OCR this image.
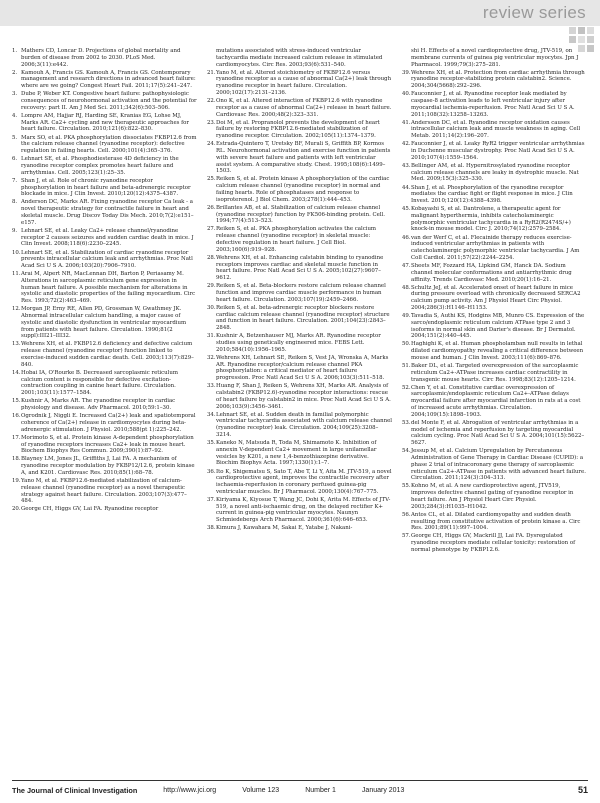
review series
1. Mathers CD, Loncar D. Projections of global mortality and burden of disease from 2002 to 2030. PLoS Med. 2006;3(11):e442.
2. Kamouh A, Francis GS. Kamouh A, Francis GS. Contemporary management and research directions in advanced heart failure: where are we going? Congest Heart Fail. 2011;17(5):241–247.
3. Dube P, Weber KT. Congestive heart failure: pathophysiologic consequences of neurohormonal activation and the potential for recovery: part II. Am J Med Sci. 2011;342(6):503–506.
4. Lompre AM, Hajjar RJ, Harding SE, Kranias EG, Lohse MJ, Marks AR. Ca2+ cycling and new therapeutic approaches for heart failure. Circulation. 2010;121(6):822–830.
5. Marx SO, et al. PKA phosphorylation dissociates FKBP12.6 from the calcium release channel (ryanodine receptor): defective regulation in failing hearts. Cell. 2000;101(4):365–376.
6. Lehnart SE, et al. Phosphodiesterase 4D deficiency in the ryanodine receptor complex promotes heart failure and arrhythmias. Cell. 2005;123(1):25–35.
7. Shan J, et al. Role of chronic ryanodine receptor phosphorylation in heart failure and beta-adrenergic receptor blockade in mice. J Clin Invest. 2010;120(12):4375–4387.
8. Anderson DC, Marks AR. Fixing ryanodine receptor Ca leak - a novel therapeutic strategy for contractile failure in heart and skeletal muscle. Drug Discov Today Dis Mech. 2010;7(2):e151–e157.
9. Lehnart SE, et al. Leaky Ca2+ release channel/ryanodine receptor 2 causes seizures and sudden cardiac death in mice. J Clin Invest. 2008;118(6):2230–2245.
10. Lehnart SE, et al. Stabilization of cardiac ryanodine receptor prevents intracellular calcium leak and arrhythmias. Proc Natl Acad Sci U S A. 2006;103(20):7906–7910.
11. Arai M, Alpert NR, MacLennan DH, Barton P, Periasamy M. Alterations in sarcoplasmic reticulum gene expression in human heart failure. A possible mechanism for alterations in systolic and diastolic properties of the failing myocardium. Circ Res. 1993;72(2):463–469.
12. Morgan JP, Erny RE, Allen PD, Grossman W, Gwathmey JK. Abnormal intracellular calcium handling, a major cause of systolic and diastolic dysfunction in ventricular myocardium from patients with heart failure. Circulation. 1990;81(2 suppl):III21–III32.
13. Wehrens XH, et al. FKBP12.6 deficiency and defective calcium release channel (ryanodine receptor) function linked to exercise-induced sudden cardiac death. Cell. 2003;113(7):829–840.
14. Hobai IA, O'Rourke B. Decreased sarcoplasmic reticulum calcium content is responsible for defective excitation-contraction coupling in canine heart failure. Circulation. 2001;103(11):1577–1584.
15. Kushnir A, Marks AR. The ryanodine receptor in cardiac physiology and disease. Adv Pharmacol. 2010;59:1–30.
16. Ogrodnik J, Niggli E. Increased Ca(2+) leak and spatiotemporal coherence of Ca(2+) release in cardiomyocytes during beta-adrenergic stimulation. J Physiol. 2010;588(pt 1):225–242.
17. Morimoto S, et al. Protein kinase A-dependent phosphorylation of ryanodine receptors increases Ca2+ leak in mouse heart. Biochem Biophys Res Commun. 2009;390(1):87–92.
18. Blayney LM, Jones JL, Griffiths J, Lai FA. A mechanism of ryanodine receptor modulation by FKBP12/12.6, protein kinase A, and K201. Cardiovasc Res. 2010;85(1):68–78.
19. Yano M, et al. FKBP12.6-mediated stabilization of calcium-release channel (ryanodine receptor) as a novel therapeutic strategy against heart failure. Circulation. 2003;107(3):477–484.
20. George CH, Higgs GV, Lai FA. Ryanodine receptor
mutations associated with stress-induced ventricular tachycardia mediate increased calcium release in stimulated cardiomyocytes. Circ Res. 2003;93(6):531–540.
21. Yano M, et al. Altered stoichiometry of FKBP12.6 versus ryanodine receptor as a cause of abnormal Ca(2+) leak through ryanodine receptor in heart failure. Circulation. 2000;102(17):2131–2136.
22. Ono K, et al. Altered interaction of FKBP12.6 with ryanodine receptor as a cause of abnormal Ca(2+) release in heart failure. Cardiovasc Res. 2000;48(2):323–331.
23. Doi M, et al. Propranolol prevents the development of heart failure by restoring FKBP12.6-mediated stabilization of ryanodine receptor. Circulation. 2002;105(11):1374–1379.
24. Estrada-Quintero T, Uretsky BF, Murali S, Griffith BP, Kormos RL. Neurohormonal activation and exercise function in patients with severe heart failure and patients with left ventricular assist system. A comparative study. Chest. 1995;108(6):1499–1503.
25. Reiken S, et al. Protein kinase A phosphorylation of the cardiac calcium release channel (ryanodine receptor) in normal and failing hearts. Role of phosphatases and response to isoproterenol. J Biol Chem. 2003;278(1):444–453.
26. Brillantes AB, et al. Stabilization of calcium release channel (ryanodine receptor) function by FK506-binding protein. Cell. 1994;77(4):513–523.
27. Reiken S, et al. PKA phosphorylation activates the calcium release channel (ryanodine receptor) in skeletal muscle: defective regulation in heart failure. J Cell Biol. 2003;160(6):919–928.
28. Wehrens XH, et al. Enhancing calstabin binding to ryanodine receptors improves cardiac and skeletal muscle function in heart failure. Proc Natl Acad Sci U S A. 2005;102(27):9607–9612.
29. Reiken S, et al. Beta-blockers restore calcium release channel function and improve cardiac muscle performance in human heart failure. Circulation. 2003;107(19):2459–2466.
30. Reiken S, et al. beta-adrenergic receptor blockers restore cardiac calcium release channel (ryanodine receptor) structure and function in heart failure. Circulation. 2001;104(23):2843–2848.
31. Kushnir A, Betzenhauser MJ, Marks AR. Ryanodine receptor studies using genetically engineered mice. FEBS Lett. 2010;584(10):1956–1965.
32. Wehrens XH, Lehnart SE, Reiken S, Vest JA, Wronska A, Marks AR. Ryanodine receptor/calcium release channel PKA phosphorylation: a critical mediator of heart failure progression. Proc Natl Acad Sci U S A. 2006;103(3):511–518.
33. Huang F, Shan J, Reiken S, Wehrens XH, Marks AR. Analysis of calstabin2 (FKBP12.6)-ryanodine receptor interactions: rescue of heart failure by calstabin2 in mice. Proc Natl Acad Sci U S A. 2006;103(9):3456–3461.
34. Lehnart SE, et al. Sudden death in familial polymorphic ventricular tachycardia associated with calcium release channel (ryanodine receptor) leak. Circulation. 2004;109(25):3208–3214.
35. Kaneko N, Matsuda R, Toda M, Shimamoto K. Inhibition of annexin V-dependent Ca2+ movement in large unilamellar vesicles by K201, a new 1,4-benzothiazepine derivative. Biochim Biophys Acta. 1997;1330(1):1–7.
36. Ito K, Shigematsu S, Sato T, Abe T, Li Y, Aita M. JTV-519, a novel cardioprotective agent, improves the contractile recovery after ischaemia-reperfusion in coronary perfused guinea-pig ventricular muscles. Br J Pharmacol. 2000;130(4):767–775.
37. Kiriyama K, Kiyosue T, Wang JC, Dohi K, Arita M. Effects of JTV-519, a novel anti-ischaemic drug, on the delayed rectifier K+ current in guinea-pig ventricular myocytes. Naunyn Schmiedebergs Arch Pharmacol. 2000;361(6):646–653.
38. Kimura J, Kawahara M, Sakai E, Yatabe J, Nakani-
shi H. Effects of a novel cardioprotective drug, JTV-519, on membrane currents of guinea pig ventricular myocytes. Jpn J Pharmacol. 1999;79(3):275–281.
39. Wehrens XH, et al. Protection from cardiac arrhythmia through ryanodine receptor-stabilizing protein calstabin2. Science. 2004;304(5668):292–296.
40. Fauconnier J, et al. Ryanodine receptor leak mediated by caspase-8 activation leads to left ventricular injury after myocardial ischemia-reperfusion. Proc Natl Acad Sci U S A. 2011;108(32):13258–13263.
41. Andersson DC, et al. Ryanodine receptor oxidation causes intracellular calcium leak and muscle weakness in aging. Cell Metab. 2011;14(2):196–207.
42. Fauconnier J, et al. Leaky RyR2 trigger ventricular arrhythmias in Duchenne muscular dystrophy. Proc Natl Acad Sci U S A. 2010;107(4):1559–1564.
43. Bellinger AM, et al. Hypernitrosylated ryanodine receptor calcium release channels are leaky in dystrophic muscle. Nat Med. 2009;15(3):325–330.
44. Shan J, et al. Phosphorylation of the ryanodine receptor mediates the cardiac fight or flight response in mice. J Clin Invest. 2010;120(12):4388–4398.
45. Kobayashi S, et al. Dantrolene, a therapeutic agent for malignant hyperthermia, inhibits catecholaminergic polymorphic ventricular tachycardia in a RyR2(R2474S/+) knock-in mouse model. Circ J. 2010;74(12):2579–2584.
46. van der Werf C, et al. Flecainide therapy reduces exercise-induced ventricular arrhythmias in patients with catecholaminergic polymorphic ventricular tachycardia. J Am Coll Cardiol. 2011;57(22):2244–2254.
47. Sheets MF, Fozzard HA, Lipkind GM, Hanck DA. Sodium channel molecular conformations and antiarrhythmic drug affinity. Trends Cardiovasc Med. 2010;20(1):16–21.
48. Schultz JeJ, et al. Accelerated onset of heart failure in mice during pressure overload with chronically decreased SERCA2 calcium pump activity. Am J Physiol Heart Circ Physiol. 2004;286(3):H1146–H1153.
49. Tavadia S, Authi KS, Hodgins MB, Munro CS. Expression of the sarco/endoplasmic reticulum calcium ATPase type 2 and 3 isoforms in normal skin and Darier's disease. Br J Dermatol. 2004;151(2):440–445.
50. Haghighi K, et al. Human phospholamban null results in lethal dilated cardiomyopathy revealing a critical difference between mouse and human. J Clin Invest. 2003;111(6):869–876.
51. Baker DL, et al. Targeted overexpression of the sarcoplasmic reticulum Ca2+-ATPase increases cardiac contractility in transgenic mouse hearts. Circ Res. 1998;83(12):1205–1214.
52. Chen Y, et al. Constitutive cardiac overexpression of sarcoplasmic/endoplasmic reticulum Ca2+-ATPase delays myocardial failure after myocardial infarction in rats at a cost of increased acute arrhythmias. Circulation. 2004;109(15):1898–1903.
53. del Monte F, et al. Abrogation of ventricular arrhythmias in a model of ischemia and reperfusion by targeting myocardial calcium cycling. Proc Natl Acad Sci U S A. 2004;101(15):5622–5627.
54. Jessup M, et al. Calcium Upregulation by Percutaneous Administration of Gene Therapy in Cardiac Disease (CUPID): a phase 2 trial of intracoronary gene therapy of sarcoplasmic reticulum Ca2+-ATPase in patients with advanced heart failure. Circulation. 2011;124(3):304–313.
55. Kohno M, et al. A new cardioprotective agent, JTV519, improves defective channel gating of ryanodine receptor in heart failure. Am J Physiol Heart Circ Physiol. 2003;284(3):H1035–H1042.
56. Antos CL, et al. Dilated cardiomyopathy and sudden death resulting from constitutive activation of protein kinase a. Circ Res. 2001;89(11):997–1004.
57. George CH, Higgs GV, Mackrill JJ, Lai FA. Dysregulated ryanodine receptors mediate cellular toxicity: restoration of normal phenotype by FKBP12.6.
The Journal of Clinical Investigation	http://www.jci.org	Volume 123	Number 1	January 2013	51
